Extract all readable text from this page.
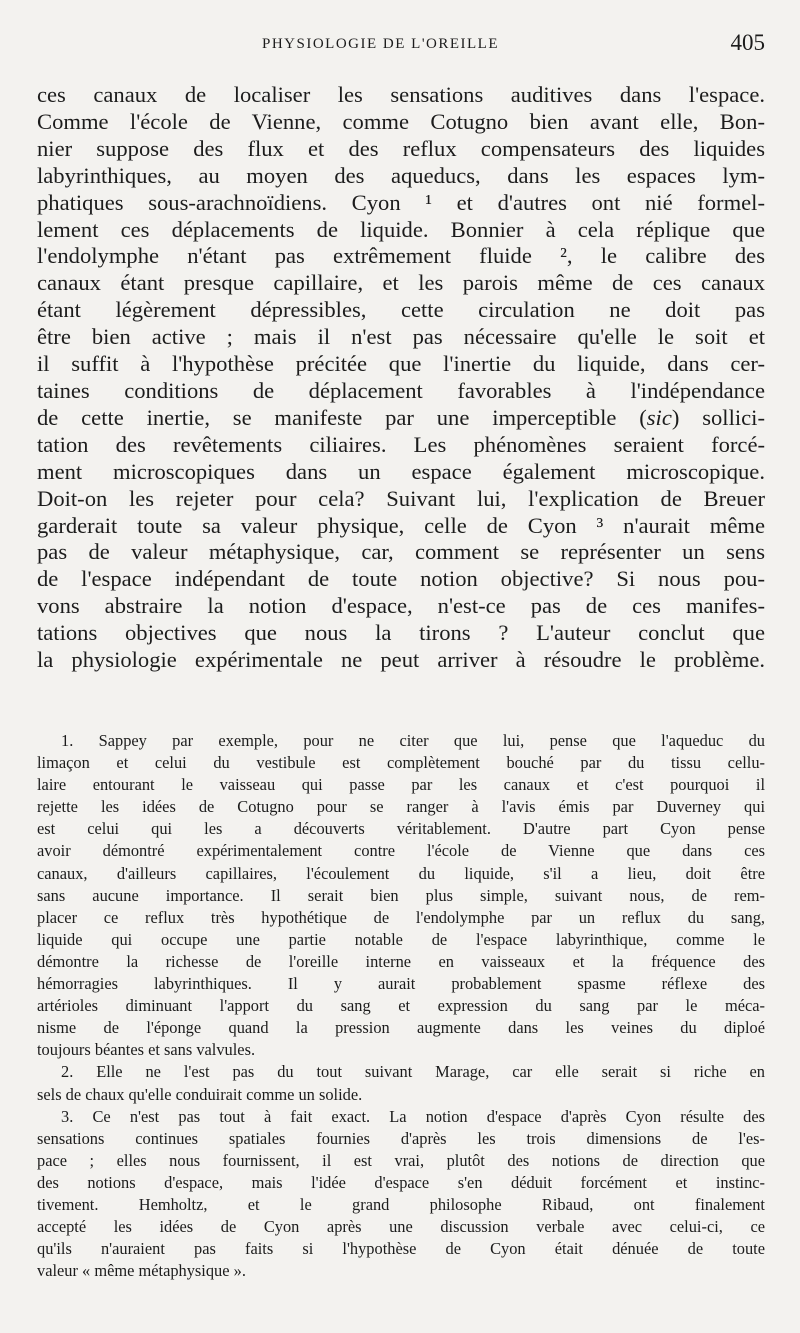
PHYSIOLOGIE DE L'OREILLE	405
ces canaux de localiser les sensations auditives dans l'espace.
Comme l'école de Vienne, comme Cotugno bien avant elle, Bon-
nier suppose des flux et des reflux compensateurs des liquides
labyrinthiques, au moyen des aqueducs, dans les espaces lym-
phatiques sous-arachnoïdiens. Cyon ¹ et d'autres ont nié formel-
lement ces déplacements de liquide. Bonnier à cela réplique que
l'endolymphe n'étant pas extrêmement fluide ², le calibre des
canaux étant presque capillaire, et les parois même de ces canaux
étant légèrement dépressibles, cette circulation ne doit pas
être bien active ; mais il n'est pas nécessaire qu'elle le soit et
il suffit à l'hypothèse précitée que l'inertie du liquide, dans cer-
taines conditions de déplacement favorables à l'indépendance
de cette inertie, se manifeste par une imperceptible (sic) sollici-
tation des revêtements ciliaires. Les phénomènes seraient forcé-
ment microscopiques dans un espace également microscopique.
Doit-on les rejeter pour cela? Suivant lui, l'explication de Breuer
garderait toute sa valeur physique, celle de Cyon ³ n'aurait même
pas de valeur métaphysique, car, comment se représenter un sens
de l'espace indépendant de toute notion objective? Si nous pou-
vons abstraire la notion d'espace, n'est-ce pas de ces manifes-
tations objectives que nous la tirons ? L'auteur conclut que
la physiologie expérimentale ne peut arriver à résoudre le problème.
1. Sappey par exemple, pour ne citer que lui, pense que l'aqueduc du
limaçon et celui du vestibule est complètement bouché par du tissu cellu-
laire entourant le vaisseau qui passe par les canaux et c'est pourquoi il
rejette les idées de Cotugno pour se ranger à l'avis émis par Duverney qui
est celui qui les a découverts véritablement. D'autre part Cyon pense
avoir démontré expérimentalement contre l'école de Vienne que dans ces
canaux, d'ailleurs capillaires, l'écoulement du liquide, s'il a lieu, doit être
sans aucune importance. Il serait bien plus simple, suivant nous, de rem-
placer ce reflux très hypothétique de l'endolymphe par un reflux du sang,
liquide qui occupe une partie notable de l'espace labyrinthique, comme le
démontre la richesse de l'oreille interne en vaisseaux et la fréquence des
hémorragies labyrinthiques. Il y aurait probablement spasme réflexe des
artérioles diminuant l'apport du sang et expression du sang par le méca-
nisme de l'éponge quand la pression augmente dans les veines du diploé
toujours béantes et sans valvules.
2. Elle ne l'est pas du tout suivant Marage, car elle serait si riche en
sels de chaux qu'elle conduirait comme un solide.
3. Ce n'est pas tout à fait exact. La notion d'espace d'après Cyon résulte des
sensations continues spatiales fournies d'après les trois dimensions de l'es-
pace ; elles nous fournissent, il est vrai, plutôt des notions de direction que
des notions d'espace, mais l'idée d'espace s'en déduit forcément et instinc-
tivement. Hemholtz, et le grand philosophe Ribaud, ont finalement
accepté les idées de Cyon après une discussion verbale avec celui-ci, ce
qu'ils n'auraient pas faits si l'hypothèse de Cyon était dénuée de toute
valeur « même métaphysique ».
